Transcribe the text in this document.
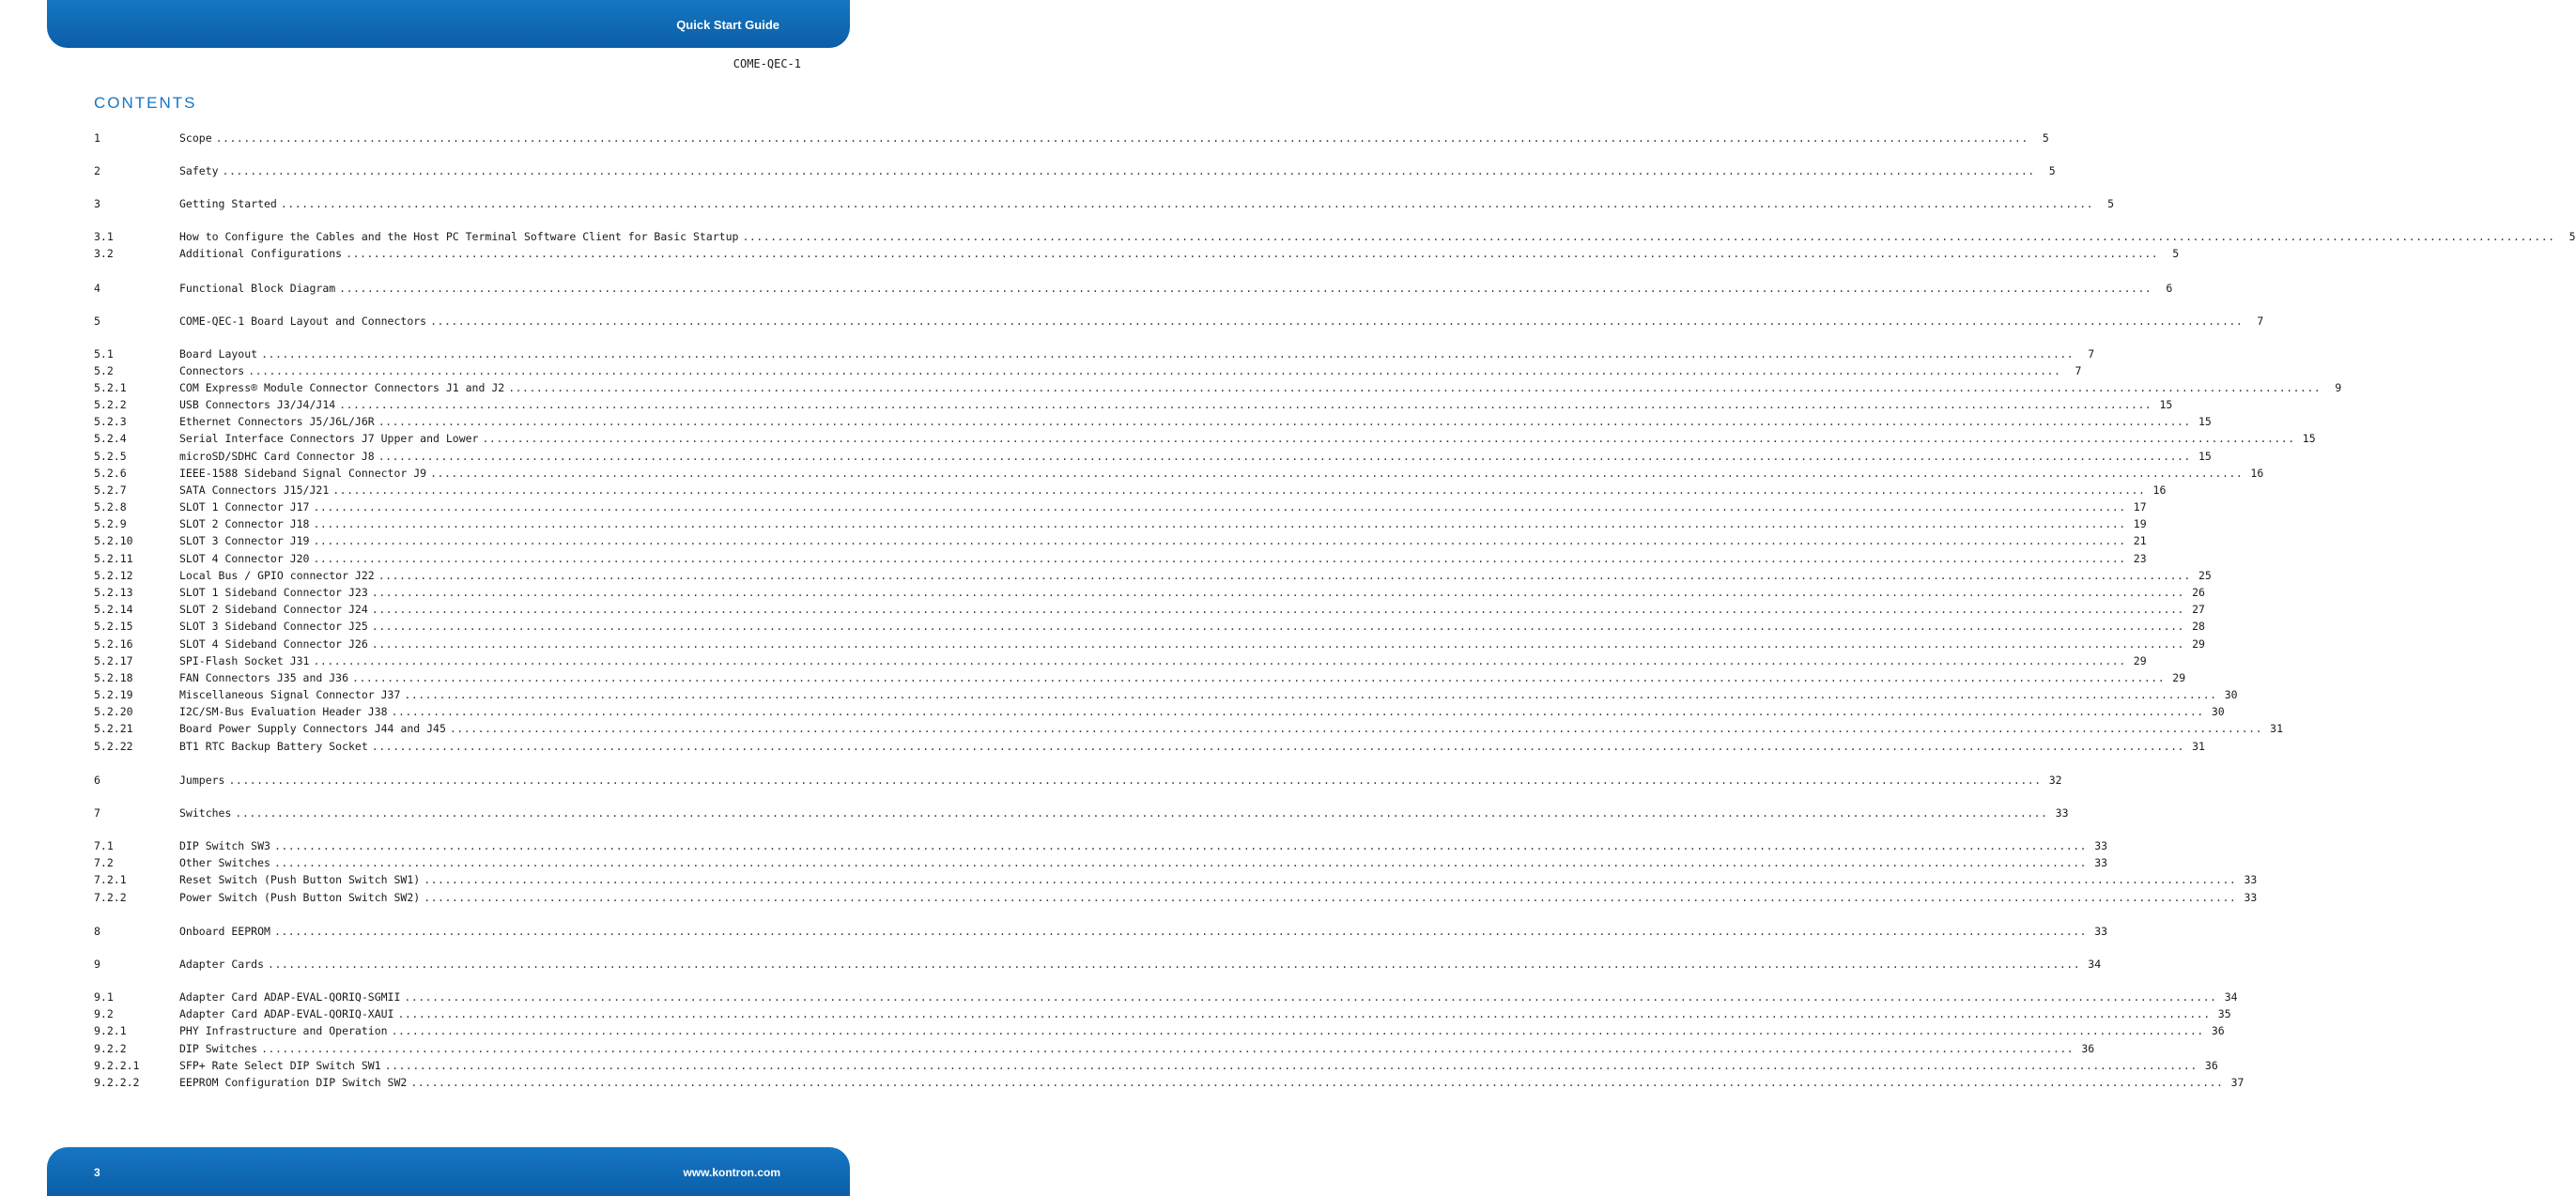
Quick Start Guide
COME-QEC-1
CONTENTS
1	Scope ....................................................................................................................................................................................................................................................................	5
2	Safety ....................................................................................................................................................................................................................................................................	5
3	Getting Started ....................................................................................................................................................................................................................................................................	5
3.1	How to Configure the Cables and the Host PC Terminal Software Client for Basic Startup ....................................................................................................................................................................................................................................................................	5
3.2	Additional Configurations ....................................................................................................................................................................................................................................................................	5
4	Functional Block Diagram ....................................................................................................................................................................................................................................................................	6
5	COME-QEC-1 Board Layout and Connectors ....................................................................................................................................................................................................................................................................	7
5.1	Board Layout ....................................................................................................................................................................................................................................................................	7
5.2	Connectors ....................................................................................................................................................................................................................................................................	7
5.2.1	COM Express® Module Connector Connectors J1 and J2 ....................................................................................................................................................................................................................................................................	9
5.2.2	USB Connectors J3/J4/J14 .................................................................................................................................................................................................................................................................... 15
5.2.3	Ethernet Connectors J5/J6L/J6R .................................................................................................................................................................................................................................................................... 15
5.2.4	Serial Interface Connectors J7 Upper and Lower .................................................................................................................................................................................................................................................................... 15
5.2.5	microSD/SDHC Card Connector J8 .................................................................................................................................................................................................................................................................... 15
5.2.6	IEEE-1588 Sideband Signal Connector J9 .................................................................................................................................................................................................................................................................... 16
5.2.7	SATA Connectors J15/J21 .................................................................................................................................................................................................................................................................... 16
5.2.8	SLOT 1 Connector J17 .................................................................................................................................................................................................................................................................... 17
5.2.9	SLOT 2 Connector J18 .................................................................................................................................................................................................................................................................... 19
5.2.10	SLOT 3 Connector J19 .................................................................................................................................................................................................................................................................... 21
5.2.11	SLOT 4 Connector J20 .................................................................................................................................................................................................................................................................... 23
5.2.12	Local Bus / GPIO connector J22 .................................................................................................................................................................................................................................................................... 25
5.2.13	SLOT 1 Sideband Connector J23 .................................................................................................................................................................................................................................................................... 26
5.2.14	SLOT 2 Sideband Connector J24 .................................................................................................................................................................................................................................................................... 27
5.2.15	SLOT 3 Sideband Connector J25 .................................................................................................................................................................................................................................................................... 28
5.2.16	SLOT 4 Sideband Connector J26 .................................................................................................................................................................................................................................................................... 29
5.2.17	SPI-Flash Socket J31 .................................................................................................................................................................................................................................................................... 29
5.2.18	FAN Connectors J35 and J36 .................................................................................................................................................................................................................................................................... 29
5.2.19	Miscellaneous Signal Connector J37 .................................................................................................................................................................................................................................................................... 30
5.2.20	I2C/SM-Bus Evaluation Header J38 .................................................................................................................................................................................................................................................................... 30
5.2.21	Board Power Supply Connectors J44 and J45 .................................................................................................................................................................................................................................................................... 31
5.2.22	BT1 RTC Backup Battery Socket .................................................................................................................................................................................................................................................................... 31
6	Jumpers .................................................................................................................................................................................................................................................................... 32
7	Switches .................................................................................................................................................................................................................................................................... 33
7.1	DIP Switch SW3 .................................................................................................................................................................................................................................................................... 33
7.2	Other Switches .................................................................................................................................................................................................................................................................... 33
7.2.1	Reset Switch (Push Button Switch SW1) .................................................................................................................................................................................................................................................................... 33
7.2.2	Power Switch (Push Button Switch SW2) .................................................................................................................................................................................................................................................................... 33
8	Onboard EEPROM .................................................................................................................................................................................................................................................................... 33
9	Adapter Cards .................................................................................................................................................................................................................................................................... 34
9.1	Adapter Card ADAP-EVAL-QORIQ-SGMII .................................................................................................................................................................................................................................................................... 34
9.2	Adapter Card ADAP-EVAL-QORIQ-XAUI .................................................................................................................................................................................................................................................................... 35
9.2.1	PHY Infrastructure and Operation .................................................................................................................................................................................................................................................................... 36
9.2.2	DIP Switches .................................................................................................................................................................................................................................................................... 36
9.2.2.1	SFP+ Rate Select DIP Switch SW1 .................................................................................................................................................................................................................................................................... 36
9.2.2.2	EEPROM Configuration DIP Switch SW2 .................................................................................................................................................................................................................................................................... 37
3	www.kontron.com
